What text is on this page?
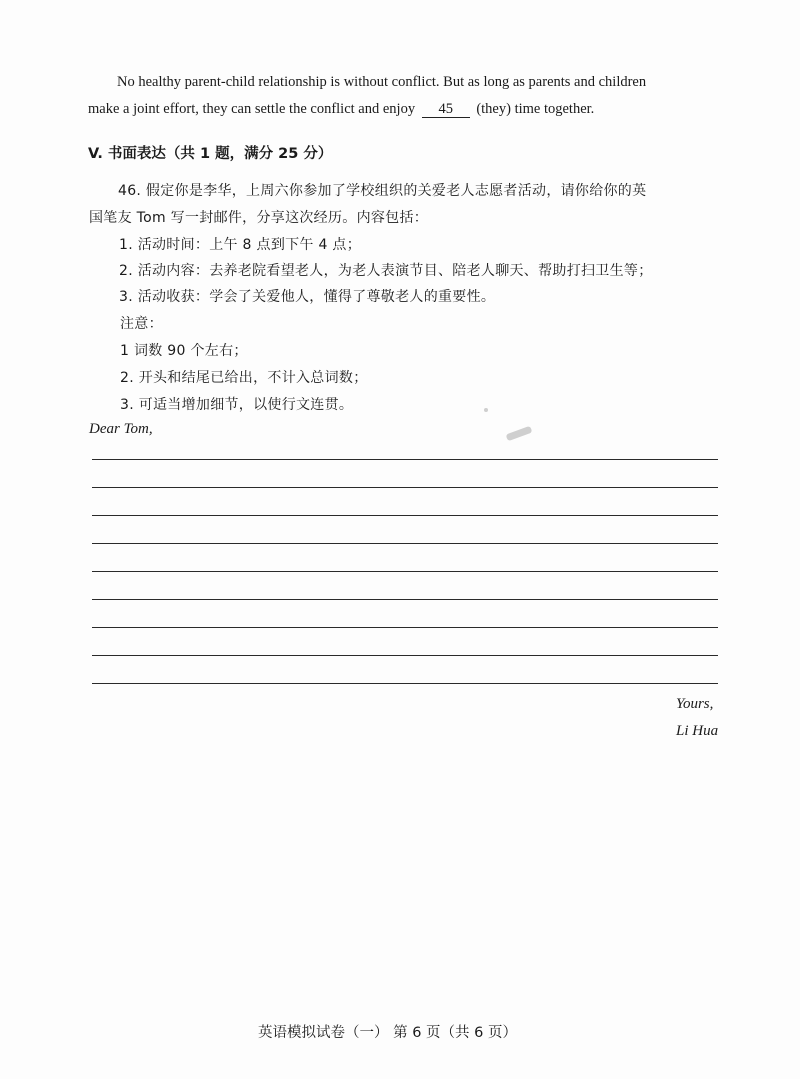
No healthy parent-child relationship is without conflict. But as long as parents and children
make a joint effort, they can settle the conflict and enjoy 45 (they) time together.
V. 书面表达（共 1 题，满分 25 分）
46. 假定你是李华，上周六你参加了学校组织的关爱老人志愿者活动，请你给你的英
国笔友 Tom 写一封邮件，分享这次经历。内容包括：
1. 活动时间：上午 8 点到下午 4 点；
2. 活动内容：去养老院看望老人，为老人表演节目、陪老人聊天、帮助打扫卫生等；
3. 活动收获：学会了关爱他人，懂得了尊敬老人的重要性。
注意：
1 词数 90 个左右；
2. 开头和结尾已给出，不计入总词数；
3. 可适当增加细节，以使行文连贯。
Dear Tom,
Yours,
Li Hua
英语模拟试卷（一） 第 6 页（共 6 页）
